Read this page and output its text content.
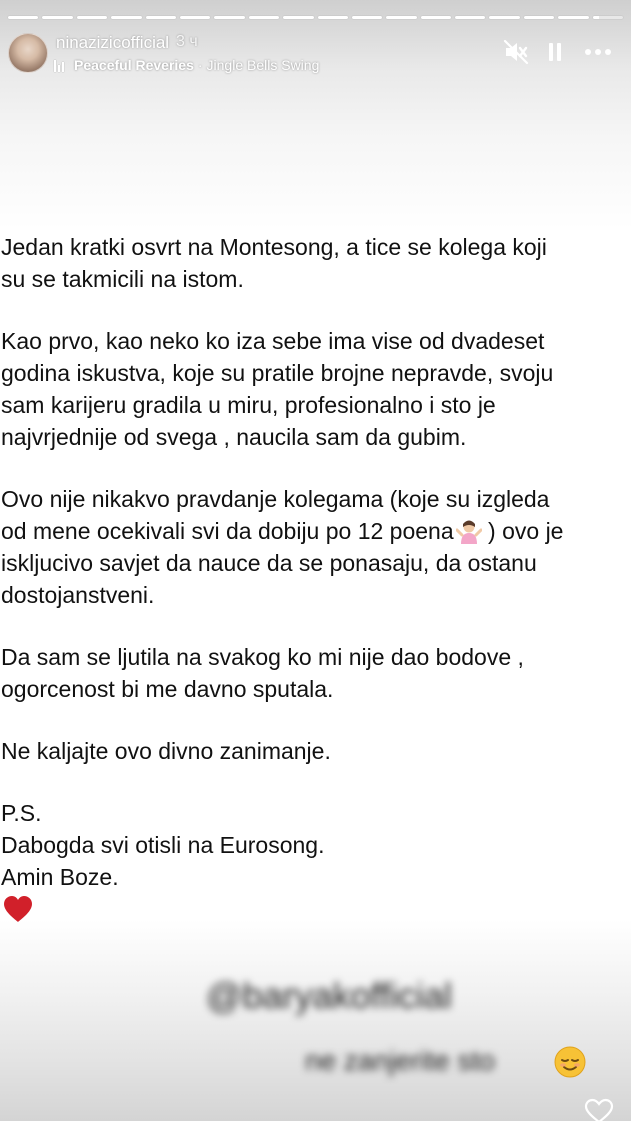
ninazizicofficial 3 ч
Peaceful Reveries · Jingle Bells Swing
Jedan kratki osvrt na Montesong, a tice se kolega koji
su se takmicili na istom.
Kao prvo, kao neko ko iza sebe ima vise od dvadeset
godina iskustva, koje su pratile brojne nepravde, svoju
sam karijeru gradila u miru, profesionalno i sto je
najvrjednije od svega , naucila sam da gubim.
Ovo nije nikakvo pravdanje kolegama (koje su izgleda
od mene ocekivali svi da dobiju po 12 poena ) ovo je
iskljucivo savjet da nauce da se ponasaju, da ostanu
dostojanstveni.
Da sam se ljutila na svakog ko mi nije dao bodove ,
ogorcenost bi me davno sputala.
Ne kaljajte ovo divno zanimanje.
P.S.
Dabogda svi otisli na Eurosong.
Amin Boze.
@baryakofficial
ne zanjerite sto
